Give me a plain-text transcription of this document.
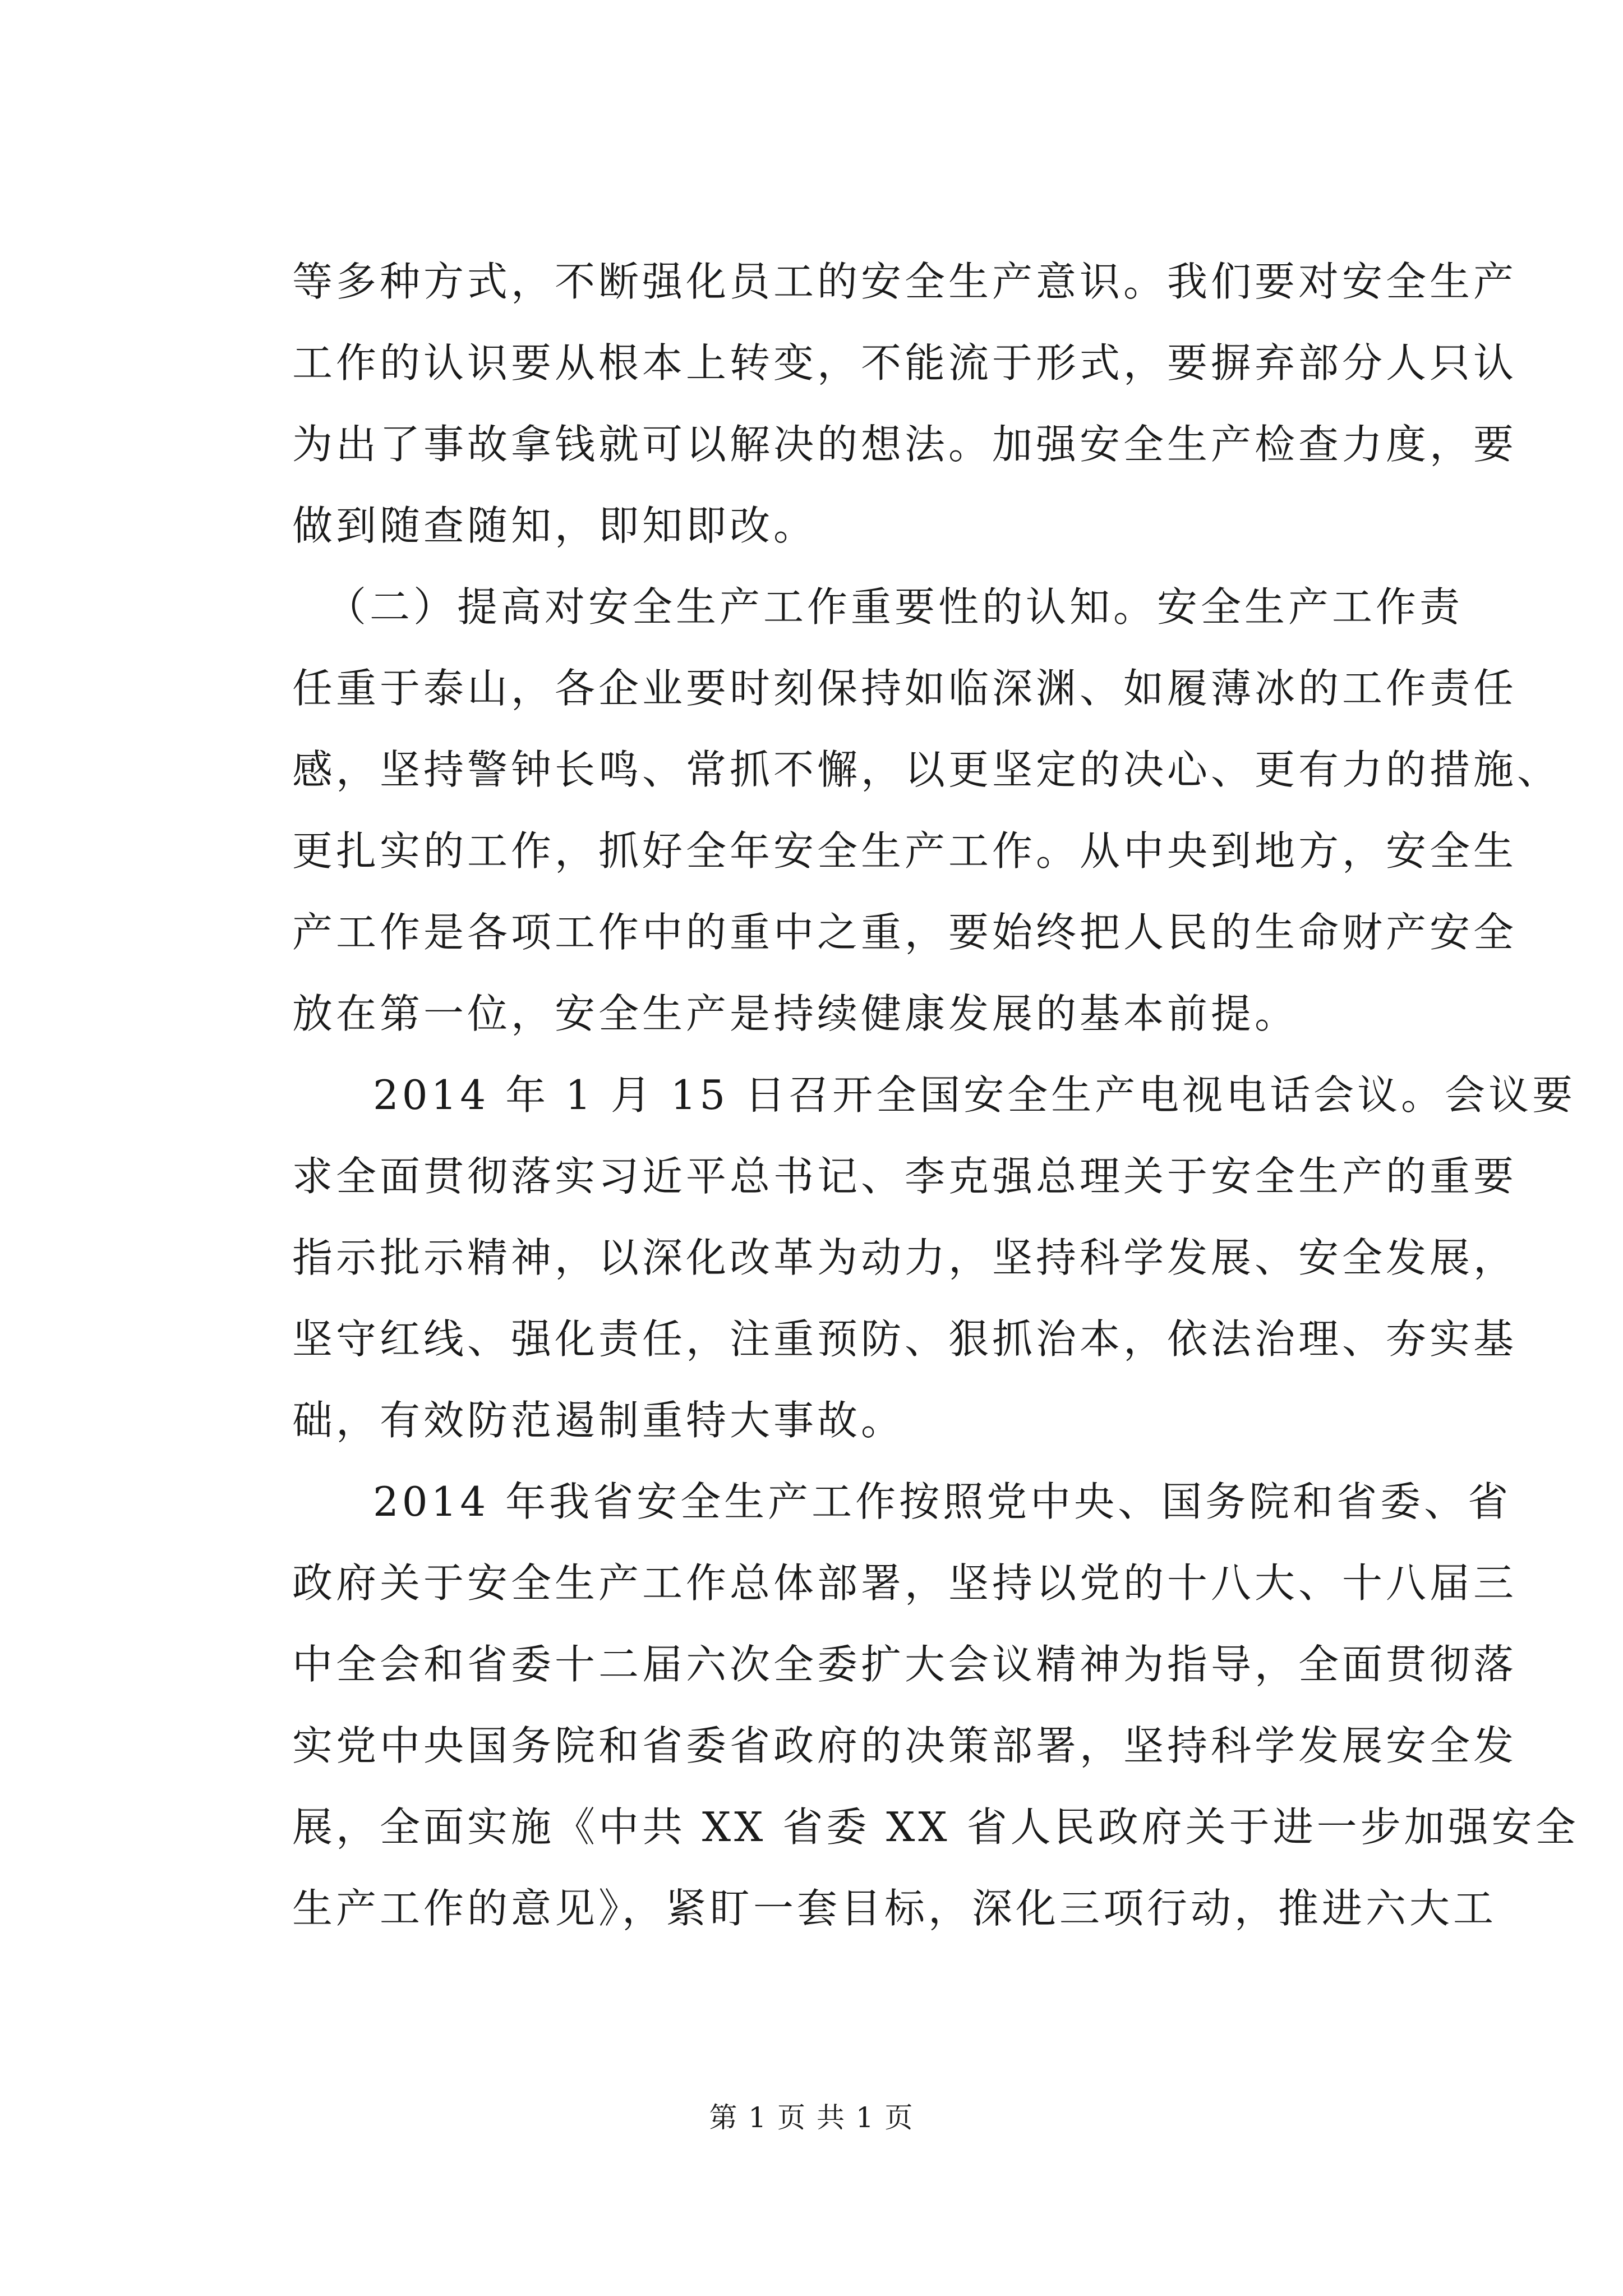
等多种方式，不断强化员工的安全生产意识。我们要对安全生产
工作的认识要从根本上转变，不能流于形式，要摒弃部分人只认
为出了事故拿钱就可以解决的想法。加强安全生产检查力度，要
做到随查随知，即知即改。
（二）提高对安全生产工作重要性的认知。安全生产工作责
任重于泰山，各企业要时刻保持如临深渊、如履薄冰的工作责任
感，坚持警钟长鸣、常抓不懈，以更坚定的决心、更有力的措施、
更扎实的工作，抓好全年安全生产工作。从中央到地方，安全生
产工作是各项工作中的重中之重，要始终把人民的生命财产安全
放在第一位，安全生产是持续健康发展的基本前提。
2014 年 1 月 15 日召开全国安全生产电视电话会议。会议要
求全面贯彻落实习近平总书记、李克强总理关于安全生产的重要
指示批示精神，以深化改革为动力，坚持科学发展、安全发展，
坚守红线、强化责任，注重预防、狠抓治本，依法治理、夯实基
础，有效防范遏制重特大事故。
2014 年我省安全生产工作按照党中央、国务院和省委、省
政府关于安全生产工作总体部署，坚持以党的十八大、十八届三
中全会和省委十二届六次全委扩大会议精神为指导，全面贯彻落
实党中央国务院和省委省政府的决策部署，坚持科学发展安全发
展，全面实施《中共 XX 省委 XX 省人民政府关于进一步加强安全
生产工作的意见》，紧盯一套目标，深化三项行动，推进六大工
第 1 页 共 1 页
